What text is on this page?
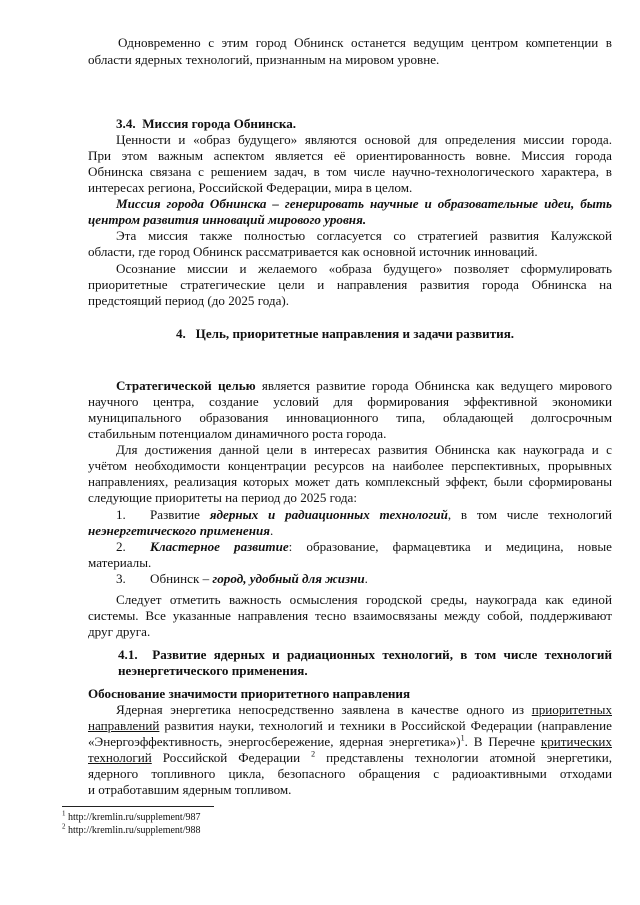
Одновременно с этим город Обнинск останется ведущим центром компетенции в

области ядерных технологий, признанным на мировом уровне.

3.4. Миссия города Обнинска.

Ценности и «образ будущего» являются основой для определения миссии города.

При этом важным аспектом является её ориентированность вовне. Миссия города

Обнинска связана с решением задач, в том числе научно-технологического характера, в

интересах региона, Российской Федерации, мира в целом.

Миссия города Обнинска – генерировать научные и образовательные идеи, быть

центром развития инноваций мирового уровня.

Эта миссия также полностью согласуется со стратегией развития Калужской

области, где город Обнинск рассматривается как основной источник инноваций.

Осознание миссии и желаемого «образа будущего» позволяет сформулировать

приоритетные стратегические цели и направления развития города Обнинска на

предстоящий период (до 2025 года).

4. Цель, приоритетные направления и задачи развития.

Стратегической целью является развитие города Обнинска как ведущего мирового

научного центра, создание условий для формирования эффективной экономики

муниципального образования инновационного типа, обладающей долгосрочным

стабильным потенциалом динамичного роста города.

Для достижения данной цели в интересах развития Обнинска как наукограда и с

учётом необходимости концентрации ресурсов на наиболее перспективных, прорывных

направлениях, реализация которых может дать комплексный эффект, были сформированы

следующие приоритеты на период до 2025 года:

1. Развитие ядерных и радиационных технологий, в том числе технологий

неэнергетического применения.

2. Кластерное развитие: образование, фармацевтика и медицина, новые

материалы.

3. Обнинск – город, удобный для жизни.

Следует отметить важность осмысления городской среды, наукограда как единой

системы. Все указанные направления тесно взаимосвязаны между собой, поддерживают

друг друга.

4.1. Развитие ядерных и радиационных технологий, в том числе технологий

неэнергетического применения.

Обоснование значимости приоритетного направления

Ядерная энергетика непосредственно заявлена в качестве одного из приоритетных

направлений развития науки, технологий и техники в Российской Федерации (направление

«Энергоэффективность, энергосбережение, ядерная энергетика»)$^1$. В Перечне критических

технологий Российской Федерации $^2$ представлены технологии атомной энергетики,

ядерного топливного цикла, безопасного обращения с радиоактивными отходами

и отработавшим ядерным топливом.

$^1$ http://kremlin.ru/supplement/987

$^2$ http://kremlin.ru/supplement/988
